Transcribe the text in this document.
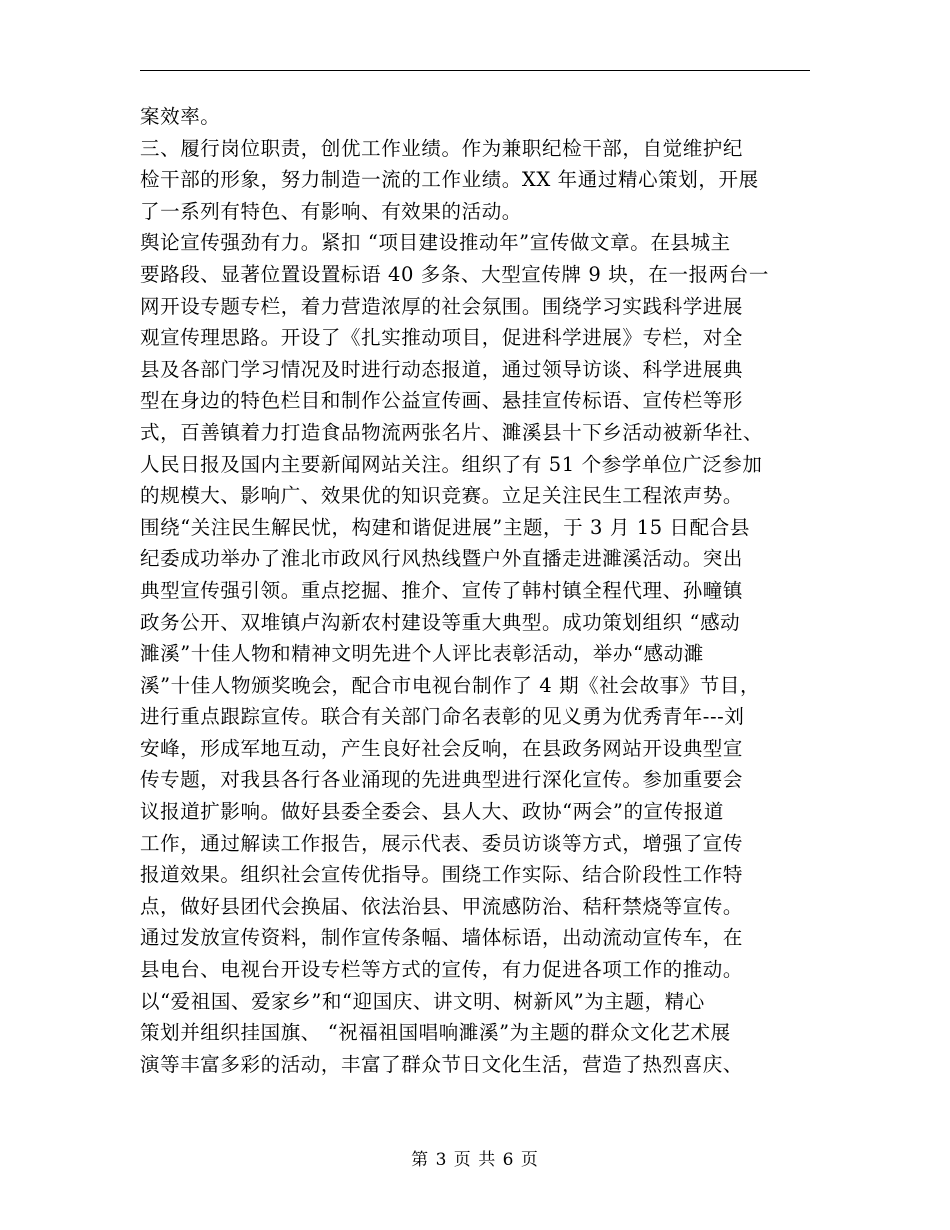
案效率。
三、履行岗位职责，创优工作业绩。作为兼职纪检干部，自觉维护纪
检干部的形象，努力制造一流的工作业绩。XX 年通过精心策划，开展
了一系列有特色、有影响、有效果的活动。
舆论宣传强劲有力。紧扣 “项目建设推动年”宣传做文章。在县城主
要路段、显著位置设置标语 40 多条、大型宣传牌 9 块，在一报两台一
网开设专题专栏，着力营造浓厚的社会氛围。围绕学习实践科学进展
观宣传理思路。开设了《扎实推动项目，促进科学进展》专栏，对全
县及各部门学习情况及时进行动态报道，通过领导访谈、科学进展典
型在身边的特色栏目和制作公益宣传画、悬挂宣传标语、宣传栏等形
式，百善镇着力打造食品物流两张名片、濉溪县十下乡活动被新华社、
人民日报及国内主要新闻网站关注。组织了有 51 个参学单位广泛参加
的规模大、影响广、效果优的知识竞赛。立足关注民生工程浓声势。
围绕“关注民生解民忧，构建和谐促进展”主题，于 3 月 15 日配合县
纪委成功举办了淮北市政风行风热线暨户外直播走进濉溪活动。突出
典型宣传强引领。重点挖掘、推介、宣传了韩村镇全程代理、孙疃镇
政务公开、双堆镇卢沟新农村建设等重大典型。成功策划组织 “感动
濉溪”十佳人物和精神文明先进个人评比表彰活动，举办“感动濉
溪”十佳人物颁奖晚会，配合市电视台制作了 4 期《社会故事》节目，
进行重点跟踪宣传。联合有关部门命名表彰的见义勇为优秀青年---刘
安峰，形成军地互动，产生良好社会反响，在县政务网站开设典型宣
传专题，对我县各行各业涌现的先进典型进行深化宣传。参加重要会
议报道扩影响。做好县委全委会、县人大、政协“两会”的宣传报道
工作，通过解读工作报告，展示代表、委员访谈等方式，增强了宣传
报道效果。组织社会宣传优指导。围绕工作实际、结合阶段性工作特
点，做好县团代会换届、依法治县、甲流感防治、秸秆禁烧等宣传。
通过发放宣传资料，制作宣传条幅、墙体标语，出动流动宣传车，在
县电台、电视台开设专栏等方式的宣传，有力促进各项工作的推动。
以“爱祖国、爱家乡”和“迎国庆、讲文明、树新风”为主题，精心
策划并组织挂国旗、 “祝福祖国唱响濉溪”为主题的群众文化艺术展
演等丰富多彩的活动，丰富了群众节日文化生活，营造了热烈喜庆、
第 3 页 共 6 页
